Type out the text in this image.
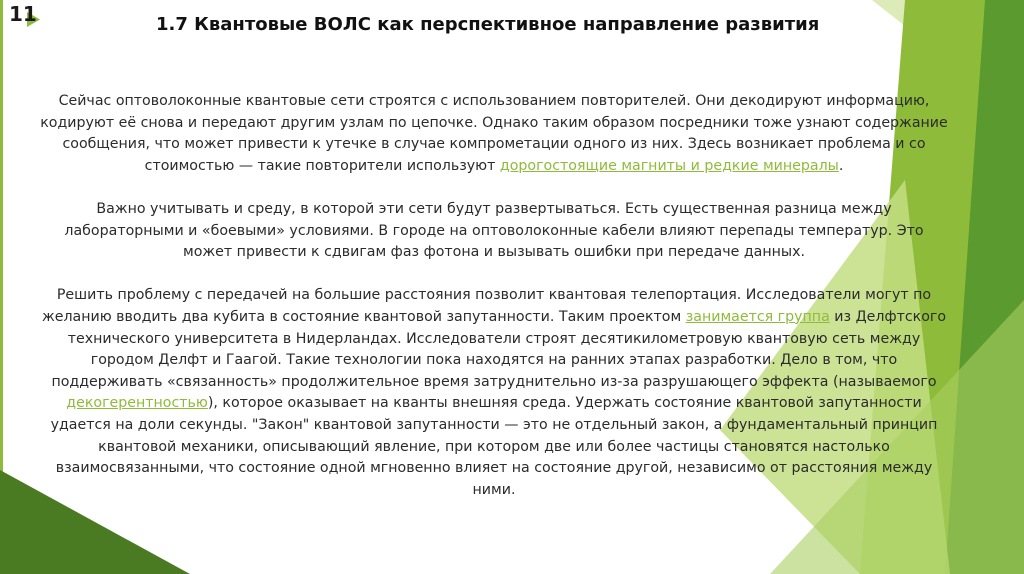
11	1.7 Квантовые ВОЛС как перспективное направление развития

Сейчас оптоволоконные квантовые сети строятся с использованием повторителей. Они декодируют информацию, кодируют её снова и передают другим узлам по цепочке. Однако таким образом посредники тоже узнают содержание сообщения, что может привести к утечке в случае компрометации одного из них. Здесь возникает проблема и со стоимостью — такие повторители используют дорогостоящие магниты и редкие минералы.

Важно учитывать и среду, в которой эти сети будут развертываться. Есть существенная разница между лабораторными и «боевыми» условиями. В городе на оптоволоконные кабели влияют перепады температур. Это может привести к сдвигам фаз фотона и вызывать ошибки при передаче данных.

Решить проблему с передачей на большие расстояния позволит квантовая телепортация. Исследователи могут по желанию вводить два кубита в состояние квантовой запутанности. Таким проектом занимается группа из Делфтского технического университета в Нидерландах. Исследователи строят десятикилометровую квантовую сеть между городом Делфт и Гаагой. Такие технологии пока находятся на ранних этапах разработки. Дело в том, что поддерживать «связанность» продолжительное время затруднительно из-за разрушающего эффекта (называемого декогерентностью), которое оказывает на кванты внешняя среда. Удержать состояние квантовой запутанности удается на доли секунды. "Закон" квантовой запутанности — это не отдельный закон, а фундаментальный принцип квантовой механики, описывающий явление, при котором две или более частицы становятся настолько взаимосвязанными, что состояние одной мгновенно влияет на состояние другой, независимо от расстояния между ними.
